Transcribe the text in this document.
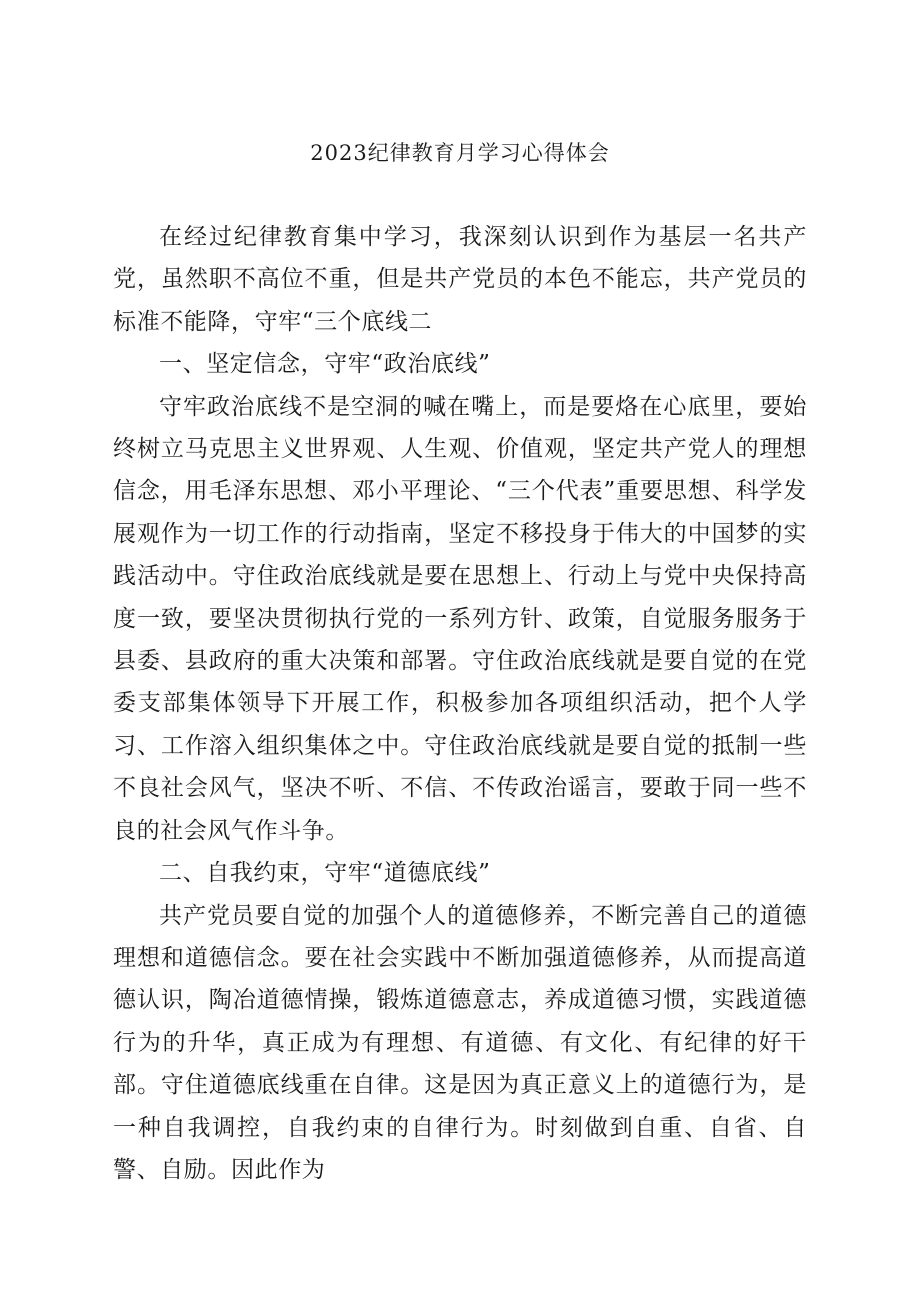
2023纪律教育月学习心得体会

在经过纪律教育集中学习，我深刻认识到作为基层一名共产党，虽然职不高位不重，但是共产党员的本色不能忘，共产党员的标准不能降，守牢“三个底线二

一、坚定信念，守牢“政治底线”

守牢政治底线不是空洞的喊在嘴上，而是要烙在心底里，要始终树立马克思主义世界观、人生观、价值观，坚定共产党人的理想信念，用毛泽东思想、邓小平理论、“三个代表”重要思想、科学发展观作为一切工作的行动指南，坚定不移投身于伟大的中国梦的实践活动中。守住政治底线就是要在思想上、行动上与党中央保持高度一致，要坚决贯彻执行党的一系列方针、政策，自觉服务服务于县委、县政府的重大决策和部署。守住政治底线就是要自觉的在党委支部集体领导下开展工作，积极参加各项组织活动，把个人学习、工作溶入组织集体之中。守住政治底线就是要自觉的抵制一些不良社会风气，坚决不听、不信、不传政治谣言，要敢于同一些不良的社会风气作斗争。

二、自我约束，守牢“道德底线”

共产党员要自觉的加强个人的道德修养，不断完善自己的道德理想和道德信念。要在社会实践中不断加强道德修养，从而提高道德认识，陶冶道德情操，锻炼道德意志，养成道德习惯，实践道德行为的升华，真正成为有理想、有道德、有文化、有纪律的好干部。守住道德底线重在自律。这是因为真正意义上的道德行为，是一种自我调控，自我约束的自律行为。时刻做到自重、自省、自警、自励。因此作为
